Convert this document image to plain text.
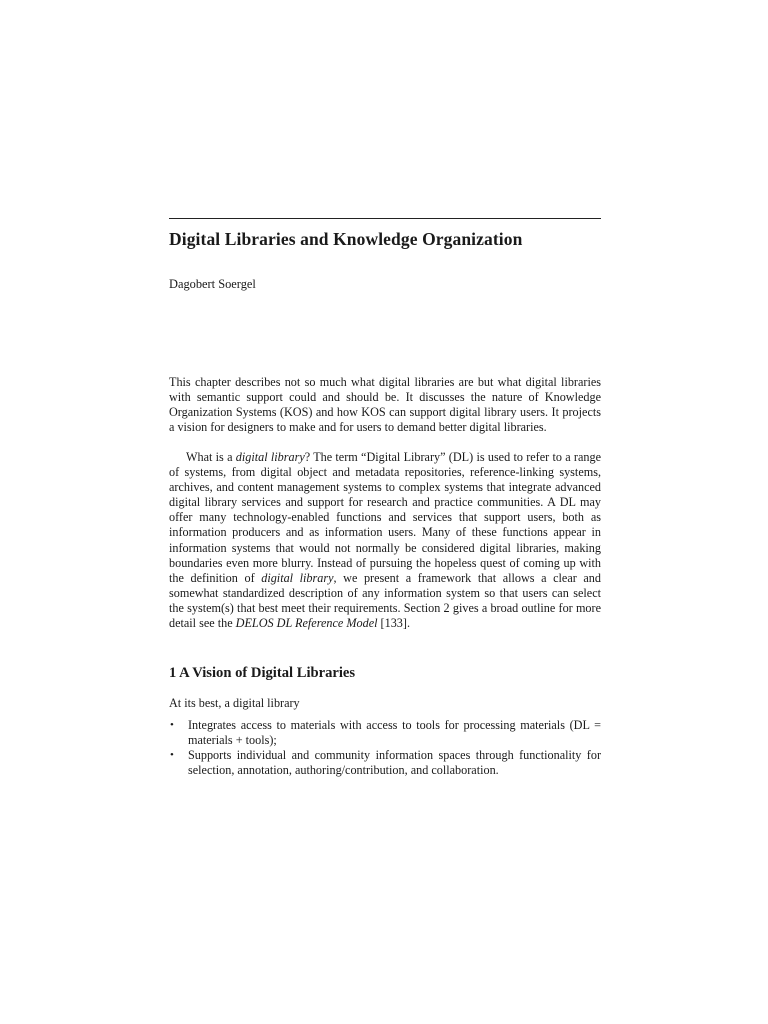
Digital Libraries and Knowledge Organization

Dagobert Soergel

This chapter describes not so much what digital libraries are but what digital libraries with semantic support could and should be. It discusses the nature of Knowledge Organization Systems (KOS) and how KOS can support digital library users. It projects a vision for designers to make and for users to demand better digital libraries.

What is a digital library? The term “Digital Library” (DL) is used to refer to a range of systems, from digital object and metadata repositories, reference-linking systems, archives, and content management systems to complex systems that integrate advanced digital library services and support for research and practice communities. A DL may offer many technology-enabled functions and services that support users, both as information producers and as information users. Many of these functions appear in information systems that would not normally be considered digital libraries, making boundaries even more blurry. Instead of pursuing the hopeless quest of coming up with the definition of digital library, we present a framework that allows a clear and somewhat standardized description of any information system so that users can select the system(s) that best meet their requirements. Section 2 gives a broad outline for more detail see the DELOS DL Reference Model [133].

1 A Vision of Digital Libraries

At its best, a digital library

• Integrates access to materials with access to tools for processing materials (DL = materials + tools);
• Supports individual and community information spaces through functionality for selection, annotation, authoring/contribution, and collaboration.
